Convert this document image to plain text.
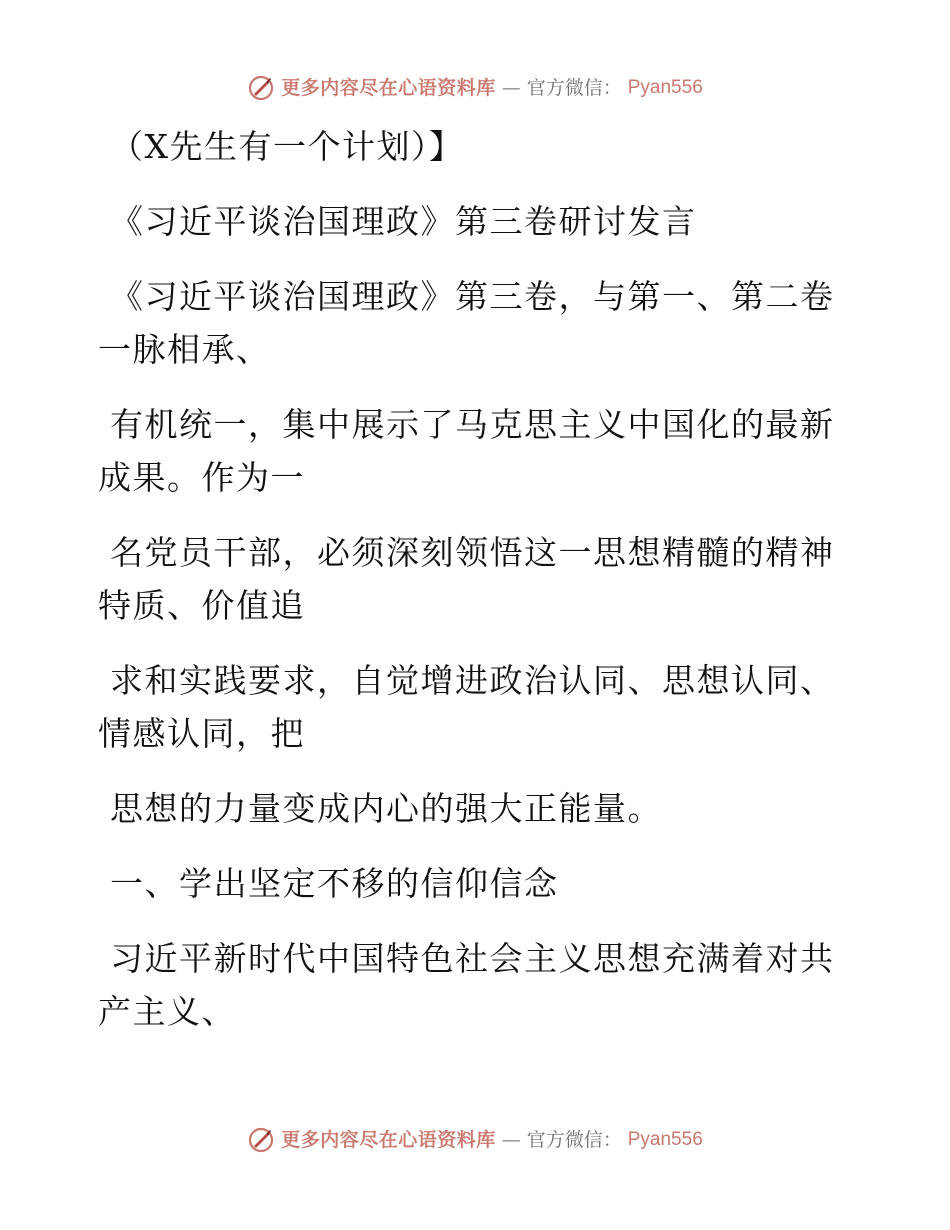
更多内容尽在心语资料库 — 官方微信： Pyan556
（X先生有一个计划）】
《习近平谈治国理政》第三卷研讨发言
《习近平谈治国理政》第三卷，与第一、第二卷
一脉相承、
有机统一，集中展示了马克思主义中国化的最新
成果。作为一
名党员干部，必须深刻领悟这一思想精髓的精神
特质、价值追
求和实践要求，自觉增进政治认同、思想认同、
情感认同，把
思想的力量变成内心的强大正能量。
一、学出坚定不移的信仰信念
习近平新时代中国特色社会主义思想充满着对共
产主义、
更多内容尽在心语资料库 — 官方微信： Pyan556
